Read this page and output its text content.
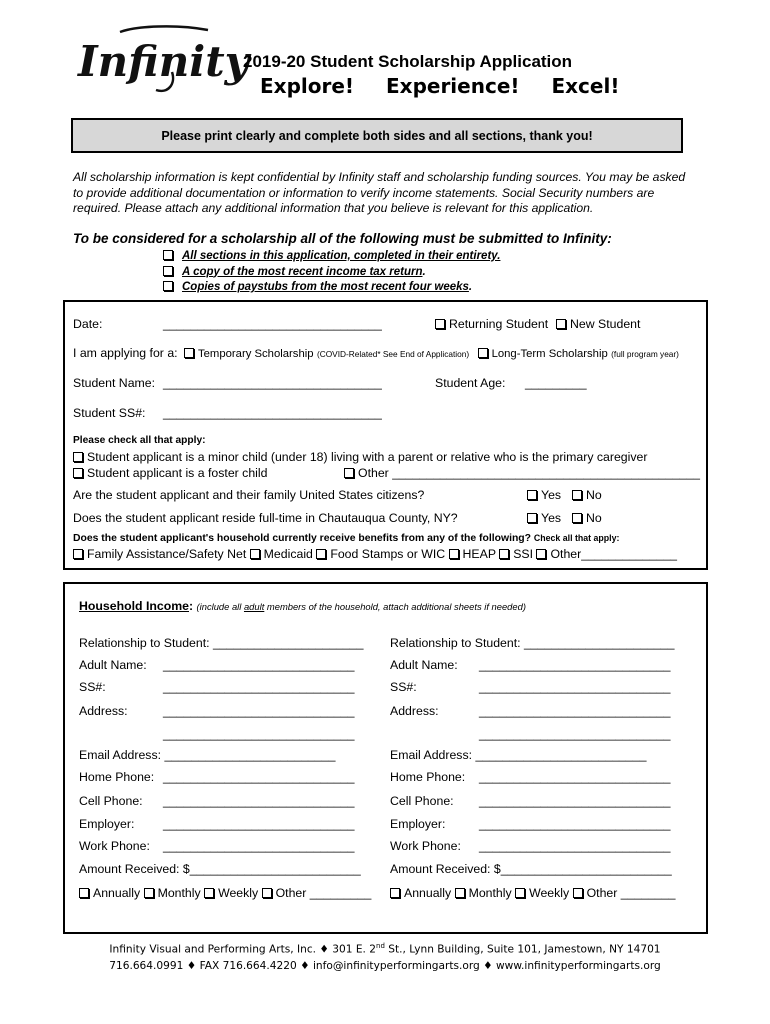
Infinity
2019-20 Student Scholarship Application
Explore! Experience! Excel!
Please print clearly and complete both sides and all sections, thank you!
All scholarship information is kept confidential by Infinity staff and scholarship funding sources. You may be asked to provide additional documentation or information to verify income statements. Social Security numbers are required. Please attach any additional information that you believe is relevant for this application.
To be considered for a scholarship all of the following must be submitted to Infinity:
All sections in this application, completed in their entirety.
A copy of the most recent income tax return.
Copies of paystubs from the most recent four weeks.
Date:	________________________________	Returning Student	New Student
I am applying for a: Temporary Scholarship (COVID-Related* See End of Application) Long-Term Scholarship (full program year)
Student Name: ________________________________	Student Age: _________
Student SS#: ________________________________
Please check all that apply:
Student applicant is a minor child (under 18) living with a parent or relative who is the primary caregiver
Student applicant is a foster child	Other _____________________________________________
Are the student applicant and their family United States citizens?	Yes	No
Does the student applicant reside full-time in Chautauqua County, NY?	Yes	No
Does the student applicant's household currently receive benefits from any of the following? Check all that apply:
Family Assistance/Safety Net Medicaid Food Stamps or WIC HEAP SSI Other______________
Household Income: (include all adult members of the household, attach additional sheets if needed)
Relationship to Student: ______________________
Adult Name: ____________________________
SS#:	____________________________
Address:	____________________________
____________________________
Email Address: _________________________
Home Phone: ____________________________
Cell Phone: ____________________________
Employer: ____________________________
Work Phone: ____________________________
Amount Received: $_________________________
Annually Monthly Weekly Other _________
Relationship to Student: ______________________
Adult Name: ____________________________
SS#:	____________________________
Address:	____________________________
____________________________
Email Address: _________________________
Home Phone: ____________________________
Cell Phone: ____________________________
Employer:	____________________________
Work Phone: ____________________________
Amount Received: $_________________________
Annually Monthly Weekly Other ________
Infinity Visual and Performing Arts, Inc. ♦ 301 E. 2nd St., Lynn Building, Suite 101, Jamestown, NY 14701
716.664.0991 ♦ FAX 716.664.4220 ♦ info@infinityperformingarts.org ♦ www.infinityperformingarts.org
